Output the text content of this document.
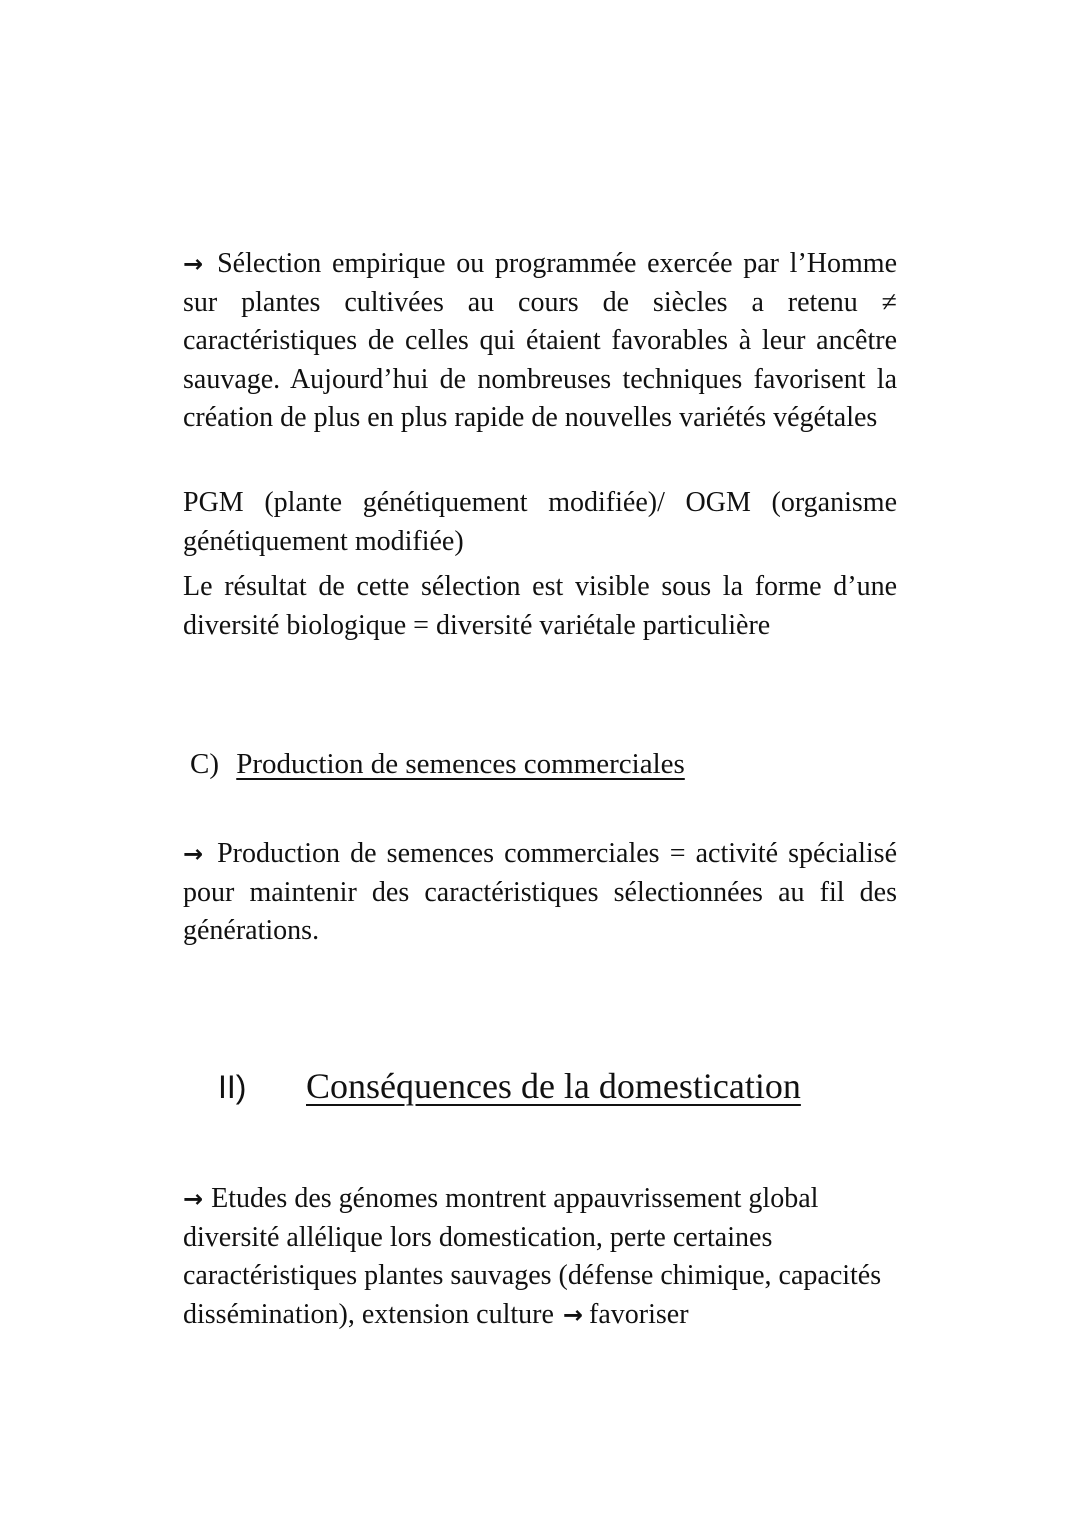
→ Sélection empirique ou programmée exercée par l’Homme sur plantes cultivées au cours de siècles a retenu ≠ caractéristiques de celles qui étaient favorables à leur ancêtre sauvage. Aujourd’hui de nombreuses techniques favorisent la création de plus en plus rapide de nouvelles variétés végétales

PGM (plante génétiquement modifiée)/ OGM (organisme génétiquement modifiée)

Le résultat de cette sélection est visible sous la forme d’une diversité biologique = diversité variétale particulière

C) Production de semences commerciales

→ Production de semences commerciales = activité spécialisé pour maintenir des caractéristiques sélectionnées au fil des générations.

II) Conséquences de la domestication

→ Etudes des génomes montrent appauvrissement global diversité allélique lors domestication, perte certaines caractéristiques plantes sauvages (défense chimique, capacités dissémination), extension culture → favoriser
